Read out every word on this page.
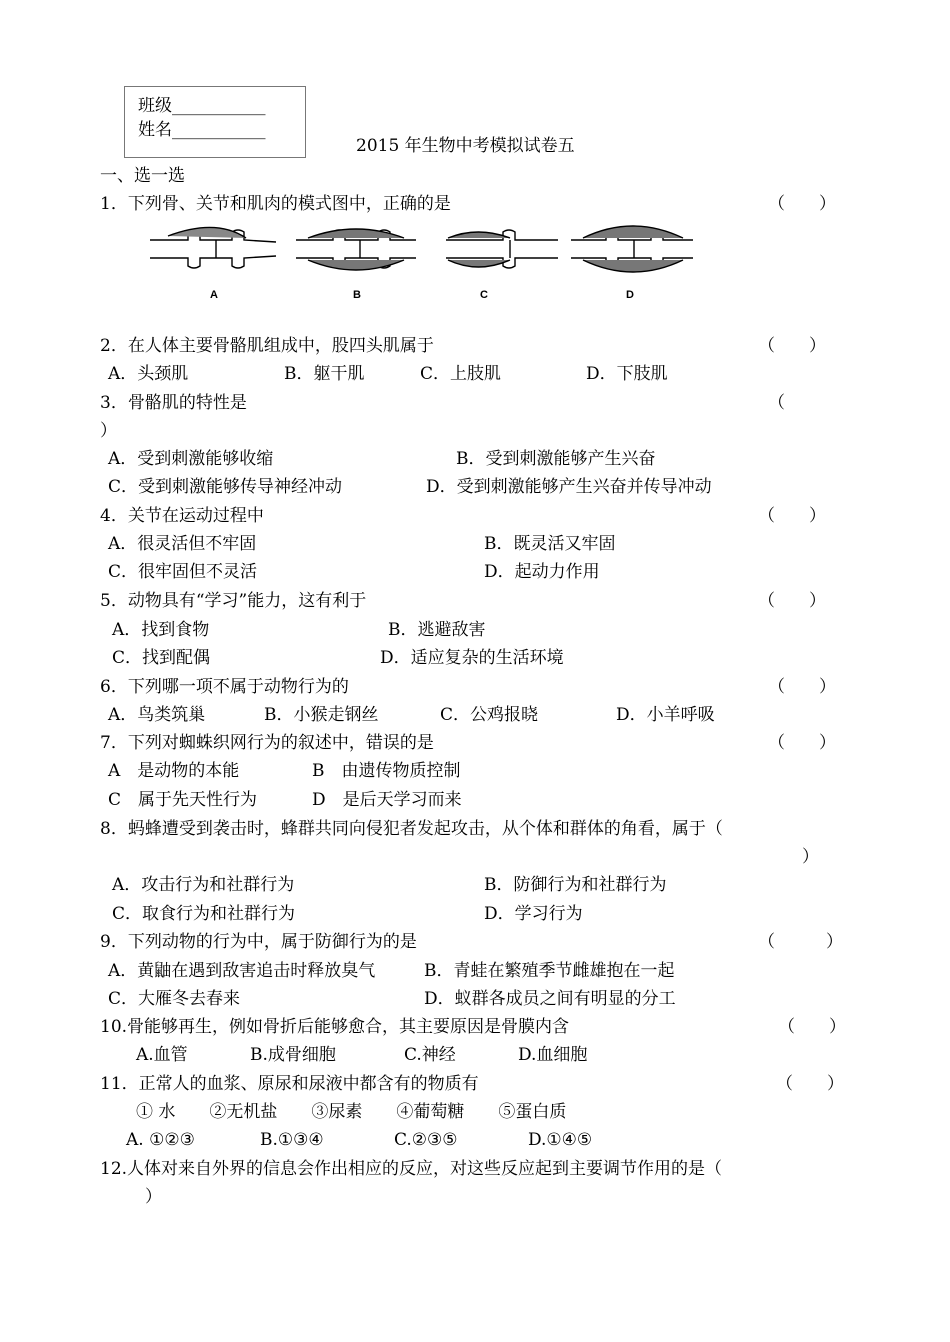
班级___________
姓名___________
2015 年生物中考模拟试卷五
一、选一选
1．下列骨、关节和肌肉的模式图中，正确的是	（　　）
A	B	C	D
2．在人体主要骨骼肌组成中，股四头肌属于	（　　）
A．头颈肌	B．躯干肌	C．上肢肌	D．下肢肌
3．骨骼肌的特性是	（
）
A．受到刺激能够收缩	B．受到刺激能够产生兴奋
C．受到刺激能够传导神经冲动	D．受到刺激能够产生兴奋并传导冲动
4．关节在运动过程中	（　　）
A．很灵活但不牢固	B．既灵活又牢固
C．很牢固但不灵活	D．起动力作用
5．动物具有“学习”能力，这有利于	（　　）
A．找到食物	B．逃避敌害
C．找到配偶	D．适应复杂的生活环境
6．下列哪一项不属于动物行为的	（　　）
A．鸟类筑巢	B．小猴走钢丝	C．公鸡报晓	D．小羊呼吸
7．下列对蜘蛛织网行为的叙述中，错误的是	（　　）
A　是动物的本能	B　由遗传物质控制
C　属于先天性行为	D　是后天学习而来
8．蚂蜂遭受到袭击时，蜂群共同向侵犯者发起攻击，从个体和群体的角看，属于（
）
A．攻击行为和社群行为	B．防御行为和社群行为
C．取食行为和社群行为	D．学习行为
9．下列动物的行为中，属于防御行为的是	（　　　）
A．黄鼬在遇到敌害追击时释放臭气	B．青蛙在繁殖季节雌雄抱在一起
C．大雁冬去春来	D．蚁群各成员之间有明显的分工
10.骨能够再生，例如骨折后能够愈合，其主要原因是骨膜内含	（　　）
A.血管	B.成骨细胞	C.神经	D.血细胞
11．正常人的血浆、原尿和尿液中都含有的物质有	（　　）
① 水　　②无机盐　　③尿素　　④葡萄糖　　⑤蛋白质
A. ①②③	B.①③④	C.②③⑤	D.①④⑤
12.人体对来自外界的信息会作出相应的反应，对这些反应起到主要调节作用的是（
）
